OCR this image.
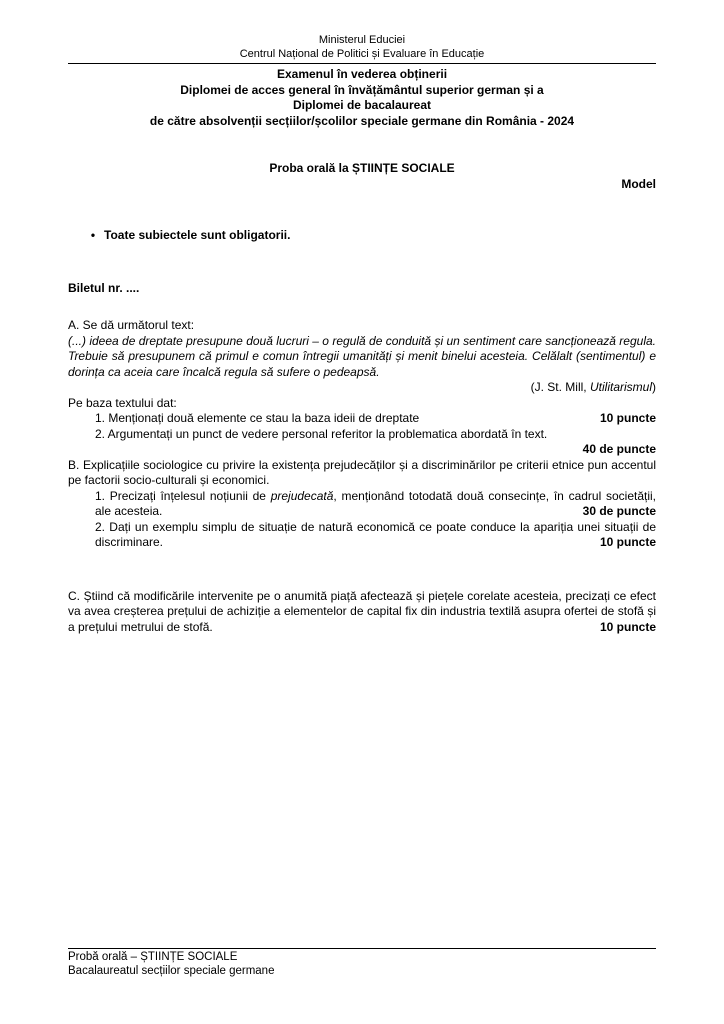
Ministerul Educiei

Centrul Național de Politici și Evaluare în Educație

Examenul în vederea obținerii

Diplomei de acces general în învățământul superior german și a

Diplomei de bacalaureat

de către absolvenții secțiilor/școlilor speciale germane din România - 2024

Proba orală la ȘTIINȚE SOCIALE

Model

• Toate subiectele sunt obligatorii.

Biletul nr. ....

A. Se dă următorul text:

(...) ideea de dreptate presupune două lucruri – o regulă de conduită și un sentiment care sancționează regula. Trebuie să presupunem că primul e comun întregii umanități și menit binelui acesteia. Celălalt (sentimentul) e dorința ca aceia care încalcă regula să sufere o pedeapsă.

(J. St. Mill, Utilitarismul)

Pe baza textului dat:

1. Menționați două elemente ce stau la baza ideii de dreptate	10 puncte

2. Argumentați un punct de vedere personal referitor la problematica abordată în text.

40 de puncte

B. Explicațiile sociologice cu privire la existența prejudecăților și a discriminărilor pe criterii etnice pun accentul pe factorii socio-culturali și economici.

1. Precizați înțelesul noțiunii de prejudecată, menționând totodată două consecințe, în cadrul societății, ale acesteia.	30 de puncte

2. Dați un exemplu simplu de situație de natură economică ce poate conduce la apariția unei situații de discriminare.	10 puncte

C. Știind că modificările intervenite pe o anumită piață afectează și piețele corelate acesteia, precizați ce efect va avea creșterea prețului de achiziție a elementelor de capital fix din industria textilă asupra ofertei de stofă și a prețului metrului de stofă.	10 puncte

Probă orală – ȘTIINȚE SOCIALE

Bacalaureatul secțiilor speciale germane
